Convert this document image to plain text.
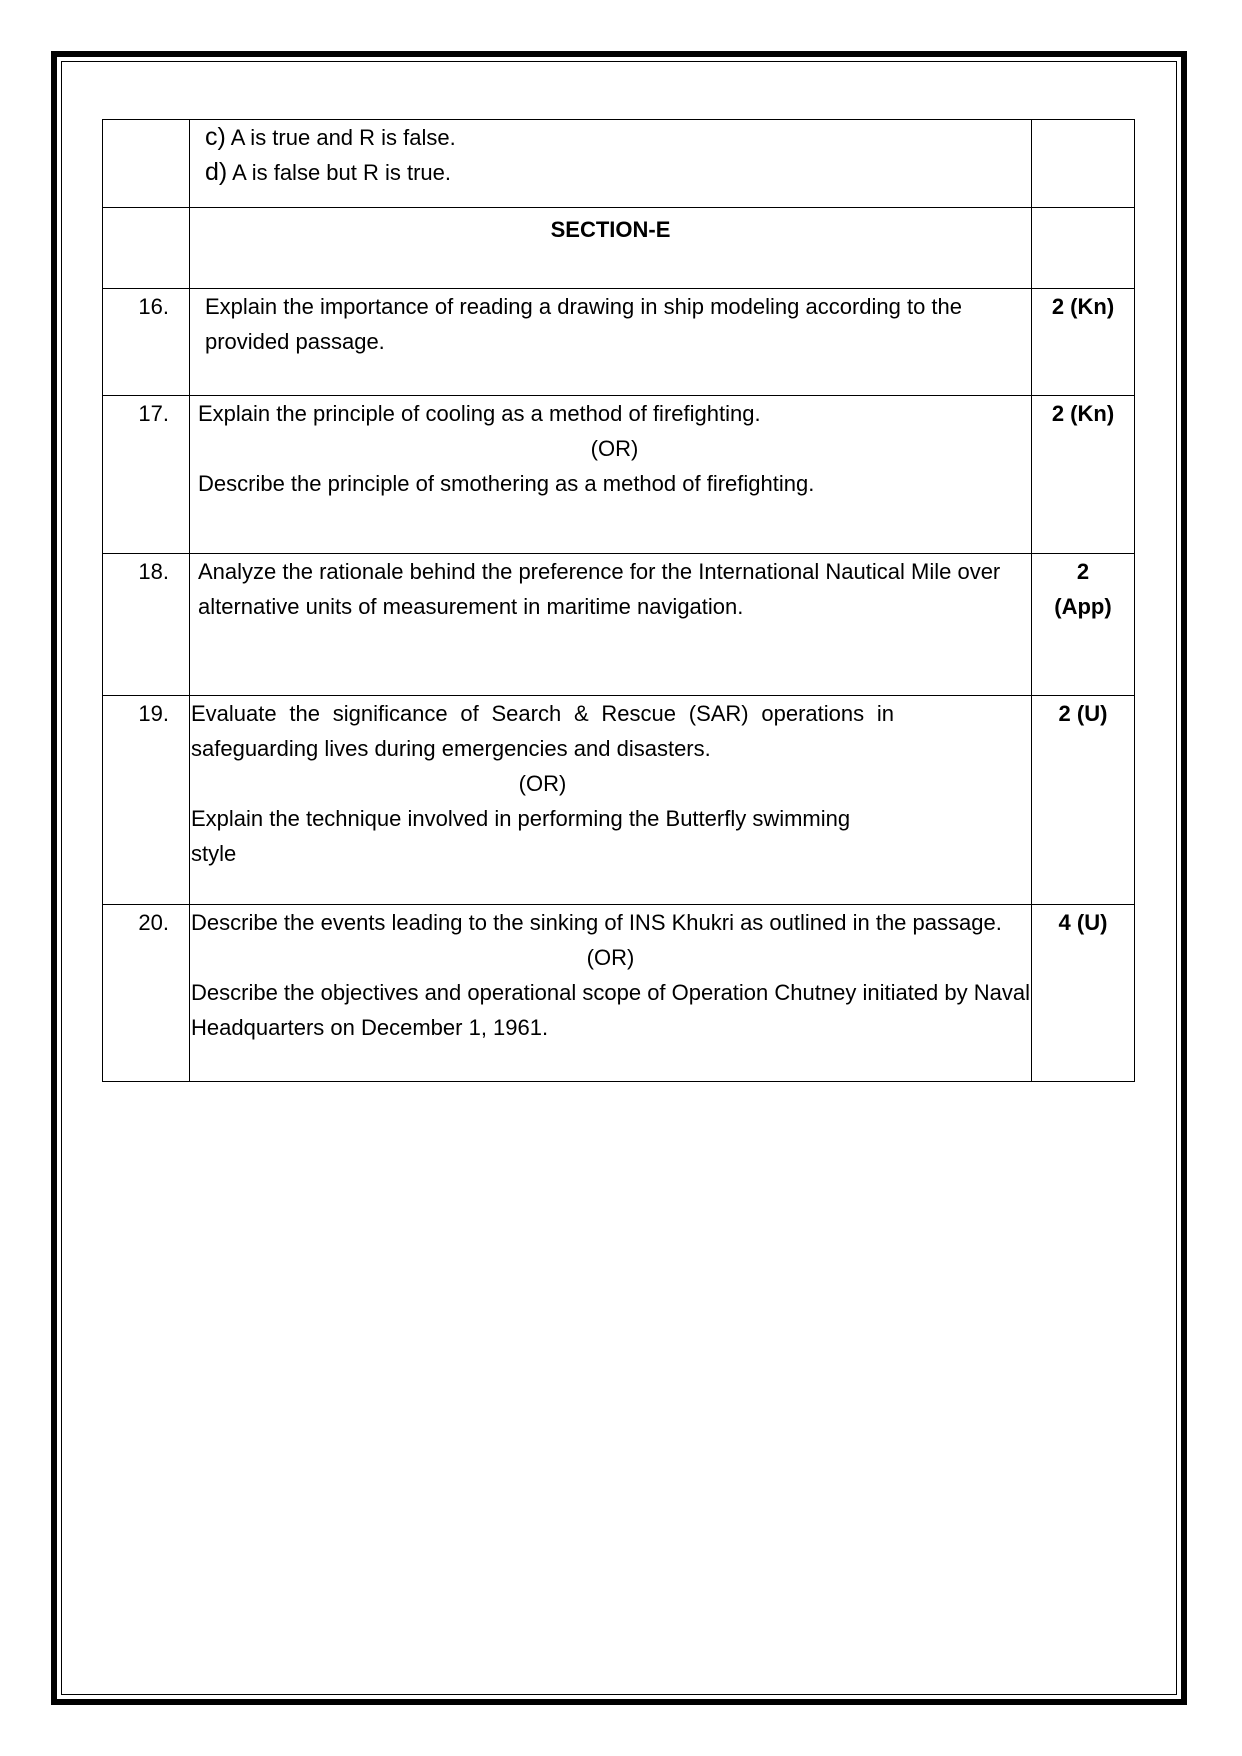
	c) A is true and R is false.
d) A is false but R is true.	

	SECTION-E	
16.	Explain the importance of reading a drawing in ship modeling according to the provided passage.	2 (Kn)
17.	Explain the principle of cooling as a method of firefighting.
(OR)
Describe the principle of smothering as a method of firefighting.	2 (Kn)
18.	Analyze the rationale behind the preference for the International Nautical Mile over alternative units of measurement in maritime navigation.	2
(App)

19.	Evaluate the significance of Search & Rescue (SAR) operations in safeguarding lives during emergencies and disasters.
(OR)
Explain the technique involved in performing the Butterfly swimming
style	2 (U)
20.	Describe the events leading to the sinking of INS Khukri as outlined in the passage.
(OR)
Describe the objectives and operational scope of Operation Chutney initiated by Naval Headquarters on December 1, 1961.	4 (U)
